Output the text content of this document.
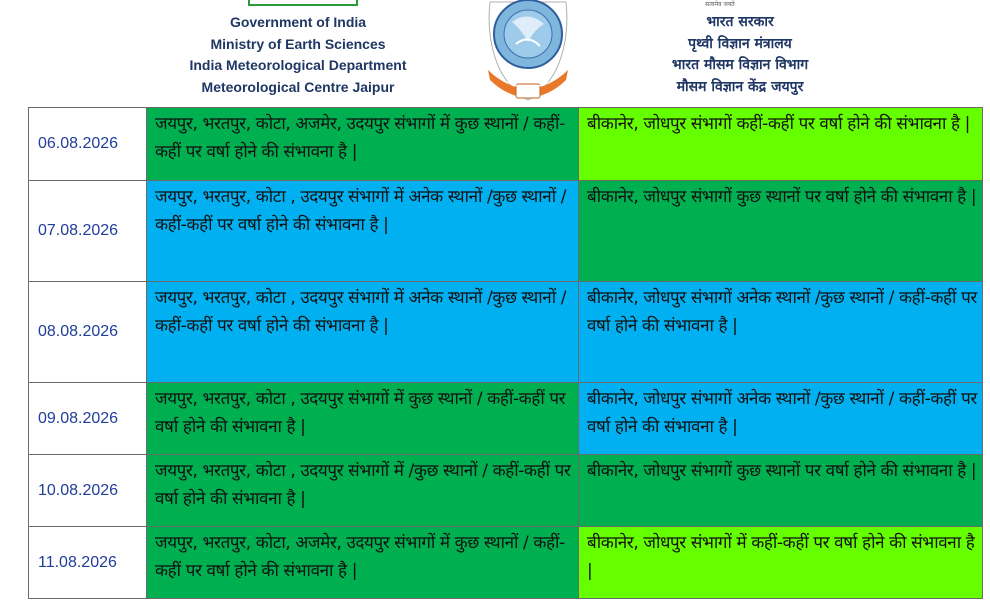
Government of India
Ministry of Earth Sciences
India Meteorological Department
Meteorological Centre Jaipur
सत्यमेव जयते
भारत सरकार
पृथ्वी विज्ञान मंत्रालय
भारत मौसम विज्ञान विभाग
मौसम विज्ञान केंद्र जयपुर
06.08.2026	जयपुर, भरतपुर, कोटा, अजमेर, उदयपुर संभागों में कुछ स्थानों / कहीं-कहीं पर वर्षा होने की संभावना है |	बीकानेर, जोधपुर संभागों कहीं-कहीं पर वर्षा होने की संभावना है |
07.08.2026	जयपुर, भरतपुर, कोटा , उदयपुर संभागों में अनेक स्थानों /कुछ स्थानों / कहीं-कहीं पर वर्षा होने की संभावना है |	बीकानेर, जोधपुर संभागों कुछ स्थानों पर वर्षा होने की संभावना है |
08.08.2026	जयपुर, भरतपुर, कोटा , उदयपुर संभागों में अनेक स्थानों /कुछ स्थानों / कहीं-कहीं पर वर्षा होने की संभावना है |	बीकानेर, जोधपुर संभागों अनेक स्थानों /कुछ स्थानों / कहीं-कहीं पर वर्षा होने की संभावना है |
09.08.2026	जयपुर, भरतपुर, कोटा , उदयपुर संभागों में कुछ स्थानों / कहीं-कहीं पर वर्षा होने की संभावना है |	बीकानेर, जोधपुर संभागों अनेक स्थानों /कुछ स्थानों / कहीं-कहीं पर वर्षा होने की संभावना है |
10.08.2026	जयपुर, भरतपुर, कोटा , उदयपुर संभागों में /कुछ स्थानों / कहीं-कहीं पर वर्षा होने की संभावना है |	बीकानेर, जोधपुर संभागों कुछ स्थानों पर वर्षा होने की संभावना है |
11.08.2026	जयपुर, भरतपुर, कोटा, अजमेर, उदयपुर संभागों में कुछ स्थानों / कहीं-कहीं पर वर्षा होने की संभावना है |	बीकानेर, जोधपुर संभागों में कहीं-कहीं पर वर्षा होने की संभावना है |
